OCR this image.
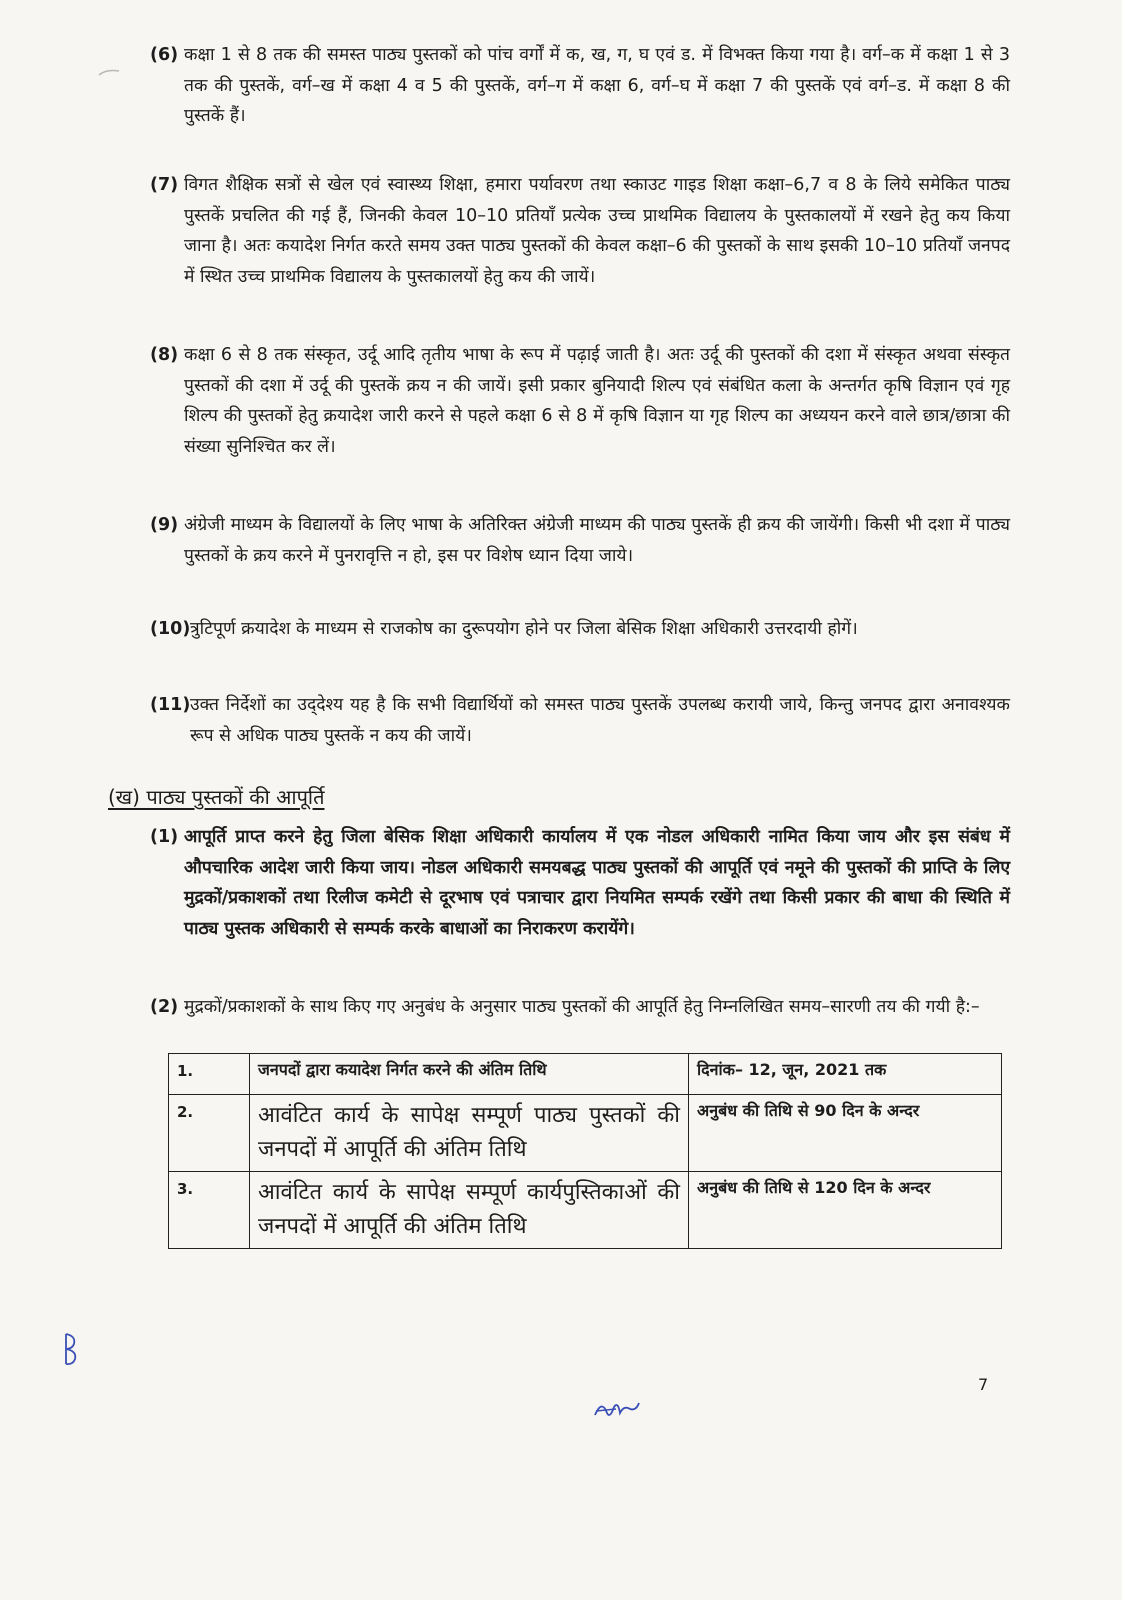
(6) कक्षा 1 से 8 तक की समस्त पाठ्य पुस्तकों को पांच वर्गों में क, ख, ग, घ एवं ड. में विभक्त किया गया है। वर्ग–क में कक्षा 1 से 3 तक की पुस्तकें, वर्ग–ख में कक्षा 4 व 5 की पुस्तकें, वर्ग–ग में कक्षा 6, वर्ग–घ में कक्षा 7 की पुस्तकें एवं वर्ग–ड. में कक्षा 8 की पुस्तकें हैं।
(7) विगत शैक्षिक सत्रों से खेल एवं स्वास्थ्य शिक्षा, हमारा पर्यावरण तथा स्काउट गाइड शिक्षा कक्षा–6,7 व 8 के लिये समेकित पाठ्य पुस्तकें प्रचलित की गई हैं, जिनकी केवल 10–10 प्रतियाँ प्रत्येक उच्च प्राथमिक विद्यालय के पुस्तकालयों में रखने हेतु कय किया जाना है। अतः कयादेश निर्गत करते समय उक्त पाठ्य पुस्तकों की केवल कक्षा–6 की पुस्तकों के साथ इसकी 10–10 प्रतियाँ जनपद में स्थित उच्च प्राथमिक विद्यालय के पुस्तकालयों हेतु कय की जायें।
(8) कक्षा 6 से 8 तक संस्कृत, उर्दू आदि तृतीय भाषा के रूप में पढ़ाई जाती है। अतः उर्दू की पुस्तकों की दशा में संस्कृत अथवा संस्कृत पुस्तकों की दशा में उर्दू की पुस्तकें क्रय न की जायें। इसी प्रकार बुनियादी शिल्प एवं संबंधित कला के अन्तर्गत कृषि विज्ञान एवं गृह शिल्प की पुस्तकों हेतु क्रयादेश जारी करने से पहले कक्षा 6 से 8 में कृषि विज्ञान या गृह शिल्प का अध्ययन करने वाले छात्र/छात्रा की संख्या सुनिश्चित कर लें।
(9) अंग्रेजी माध्यम के विद्यालयों के लिए भाषा के अतिरिक्त अंग्रेजी माध्यम की पाठ्य पुस्तकें ही क्रय की जायेंगी। किसी भी दशा में पाठ्य पुस्तकों के क्रय करने में पुनरावृत्ति न हो, इस पर विशेष ध्यान दिया जाये।
(10) त्रुटिपूर्ण क्रयादेश के माध्यम से राजकोष का दुरूपयोग होने पर जिला बेसिक शिक्षा अधिकारी उत्तरदायी होगें।
(11) उक्त निर्देशों का उद्‌देश्य यह है कि सभी विद्यार्थियों को समस्त पाठ्य पुस्तकें उपलब्ध करायी जाये, किन्तु जनपद द्वारा अनावश्यक रूप से अधिक पाठ्य पुस्तकें न कय की जायें।
(ख) पाठ्य पुस्तकों की आपूर्ति
(1) आपूर्ति प्राप्त करने हेतु जिला बेसिक शिक्षा अधिकारी कार्यालय में एक नोडल अधिकारी नामित किया जाय और इस संबंध में औपचारिक आदेश जारी किया जाय। नोडल अधिकारी समयबद्ध पाठ्य पुस्तकों की आपूर्ति एवं नमूने की पुस्तकों की प्राप्ति के लिए मुद्रकों/प्रकाशकों तथा रिलीज कमेटी से दूरभाष एवं पत्राचार द्वारा नियमित सम्पर्क रखेंगे तथा किसी प्रकार की बाधा की स्थिति में पाठ्य पुस्तक अधिकारी से सम्पर्क करके बाधाओं का निराकरण करायेंगे।
(2) मुद्रकों/प्रकाशकों के साथ किए गए अनुबंध के अनुसार पाठ्य पुस्तकों की आपूर्ति हेतु निम्नलिखित समय–सारणी तय की गयी है:–
1.	जनपदों द्वारा कयादेश निर्गत करने की अंतिम तिथि	दिनांक– 12, जून, 2021 तक
2.	आवंटित कार्य के सापेक्ष सम्पूर्ण पाठ्य पुस्तकों की जनपदों में आपूर्ति की अंतिम तिथि	अनुबंध की तिथि से 90 दिन के अन्दर
3.	आवंटित कार्य के सापेक्ष सम्पूर्ण कार्यपुस्तिकाओं की जनपदों में आपूर्ति की अंतिम तिथि	अनुबंध की तिथि से 120 दिन के अन्दर
7
